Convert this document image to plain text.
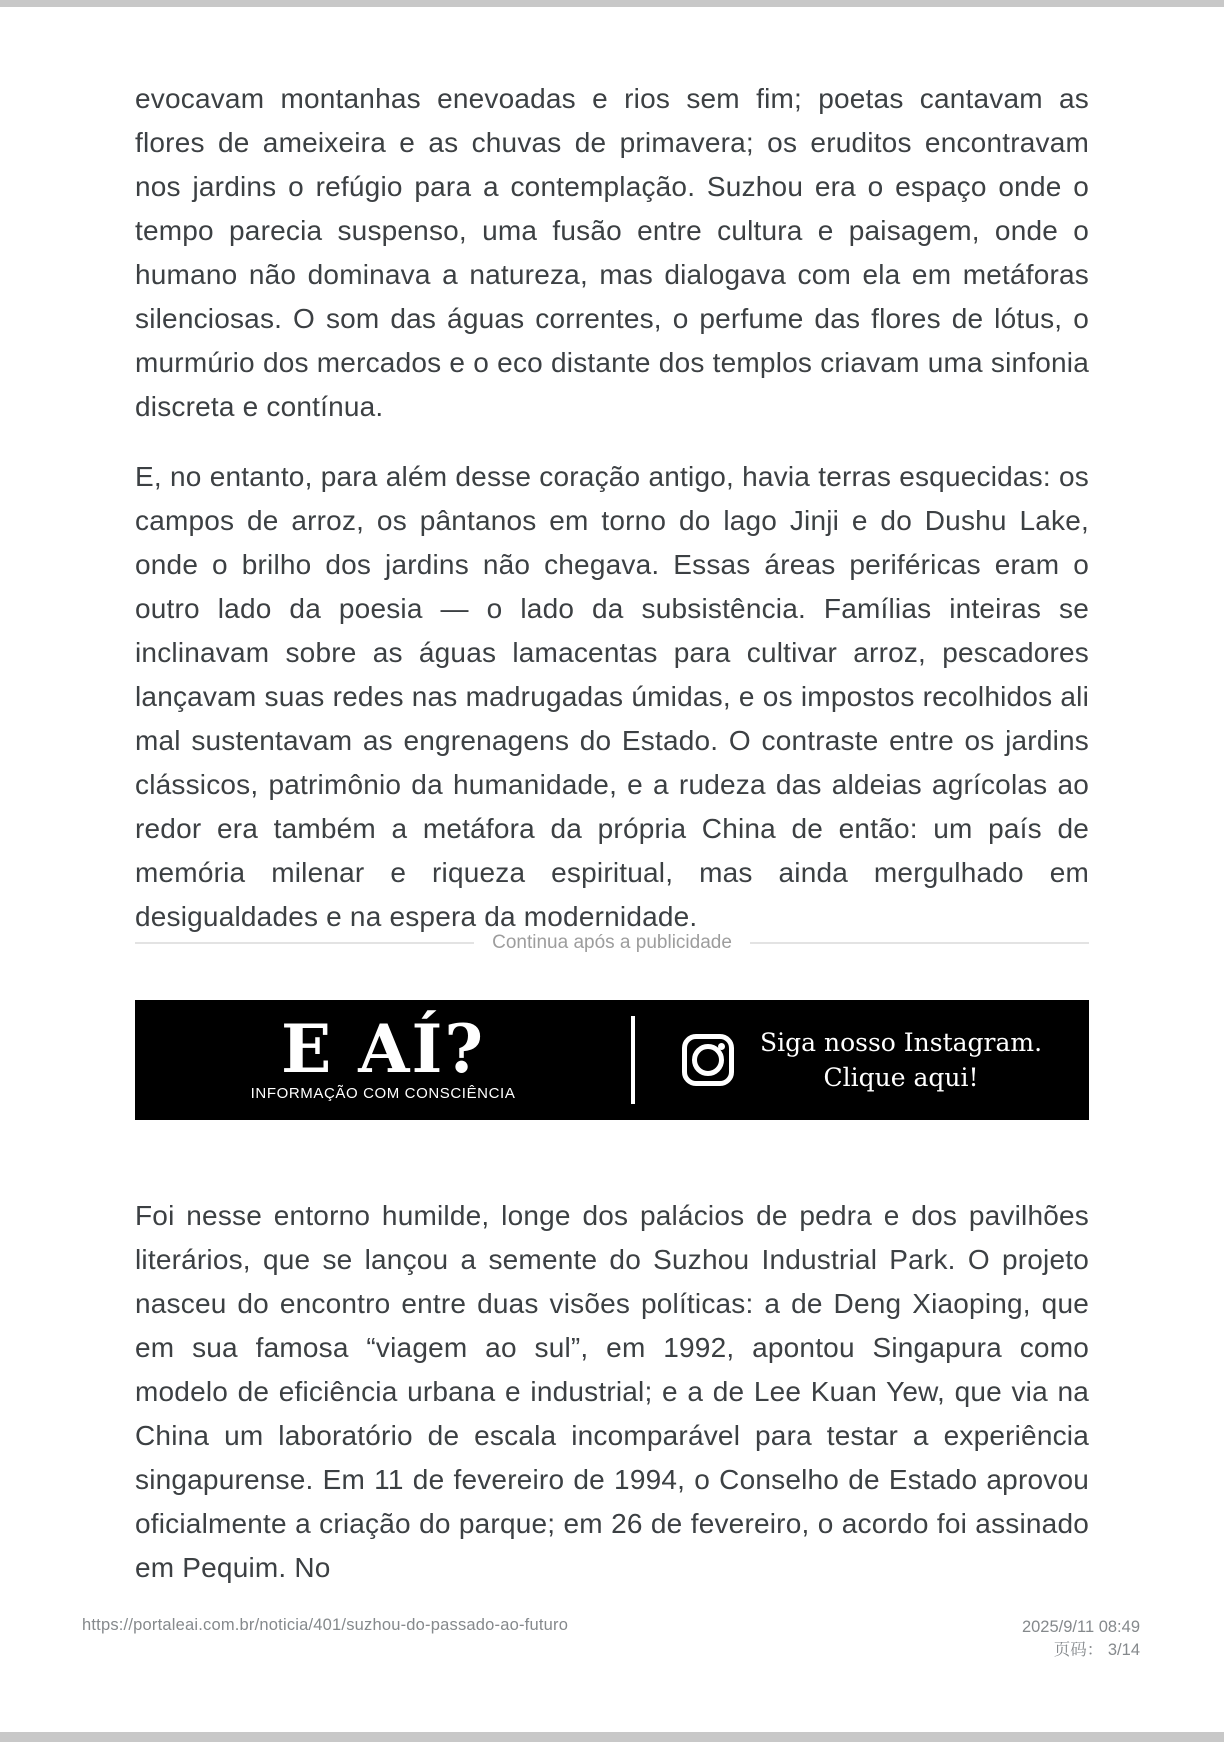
evocavam montanhas enevoadas e rios sem fim; poetas cantavam as flores de ameixeira e as chuvas de primavera; os eruditos encontravam nos jardins o refúgio para a contemplação. Suzhou era o espaço onde o tempo parecia suspenso, uma fusão entre cultura e paisagem, onde o humano não dominava a natureza, mas dialogava com ela em metáforas silenciosas. O som das águas correntes, o perfume das flores de lótus, o murmúrio dos mercados e o eco distante dos templos criavam uma sinfonia discreta e contínua.

E, no entanto, para além desse coração antigo, havia terras esquecidas: os campos de arroz, os pântanos em torno do lago Jinji e do Dushu Lake, onde o brilho dos jardins não chegava. Essas áreas periféricas eram o outro lado da poesia — o lado da subsistência. Famílias inteiras se inclinavam sobre as águas lamacentas para cultivar arroz, pescadores lançavam suas redes nas madrugadas úmidas, e os impostos recolhidos ali mal sustentavam as engrenagens do Estado. O contraste entre os jardins clássicos, patrimônio da humanidade, e a rudeza das aldeias agrícolas ao redor era também a metáfora da própria China de então: um país de memória milenar e riqueza espiritual, mas ainda mergulhado em desigualdades e na espera da modernidade.

Continua após a publicidade
E AÍ?
INFORMAÇÃO COM CONSCIÊNCIA
Siga nosso Instagram.
Clique aqui!

Foi nesse entorno humilde, longe dos palácios de pedra e dos pavilhões literários, que se lançou a semente do Suzhou Industrial Park. O projeto nasceu do encontro entre duas visões políticas: a de Deng Xiaoping, que em sua famosa “viagem ao sul”, em 1992, apontou Singapura como modelo de eficiência urbana e industrial; e a de Lee Kuan Yew, que via na China um laboratório de escala incomparável para testar a experiência singapurense. Em 11 de fevereiro de 1994, o Conselho de Estado aprovou oficialmente a criação do parque; em 26 de fevereiro, o acordo foi assinado em Pequim. No

https://portaleai.com.br/noticia/401/suzhou-do-passado-ao-futuro	2025/9/11 08:49
页码： 3/14
